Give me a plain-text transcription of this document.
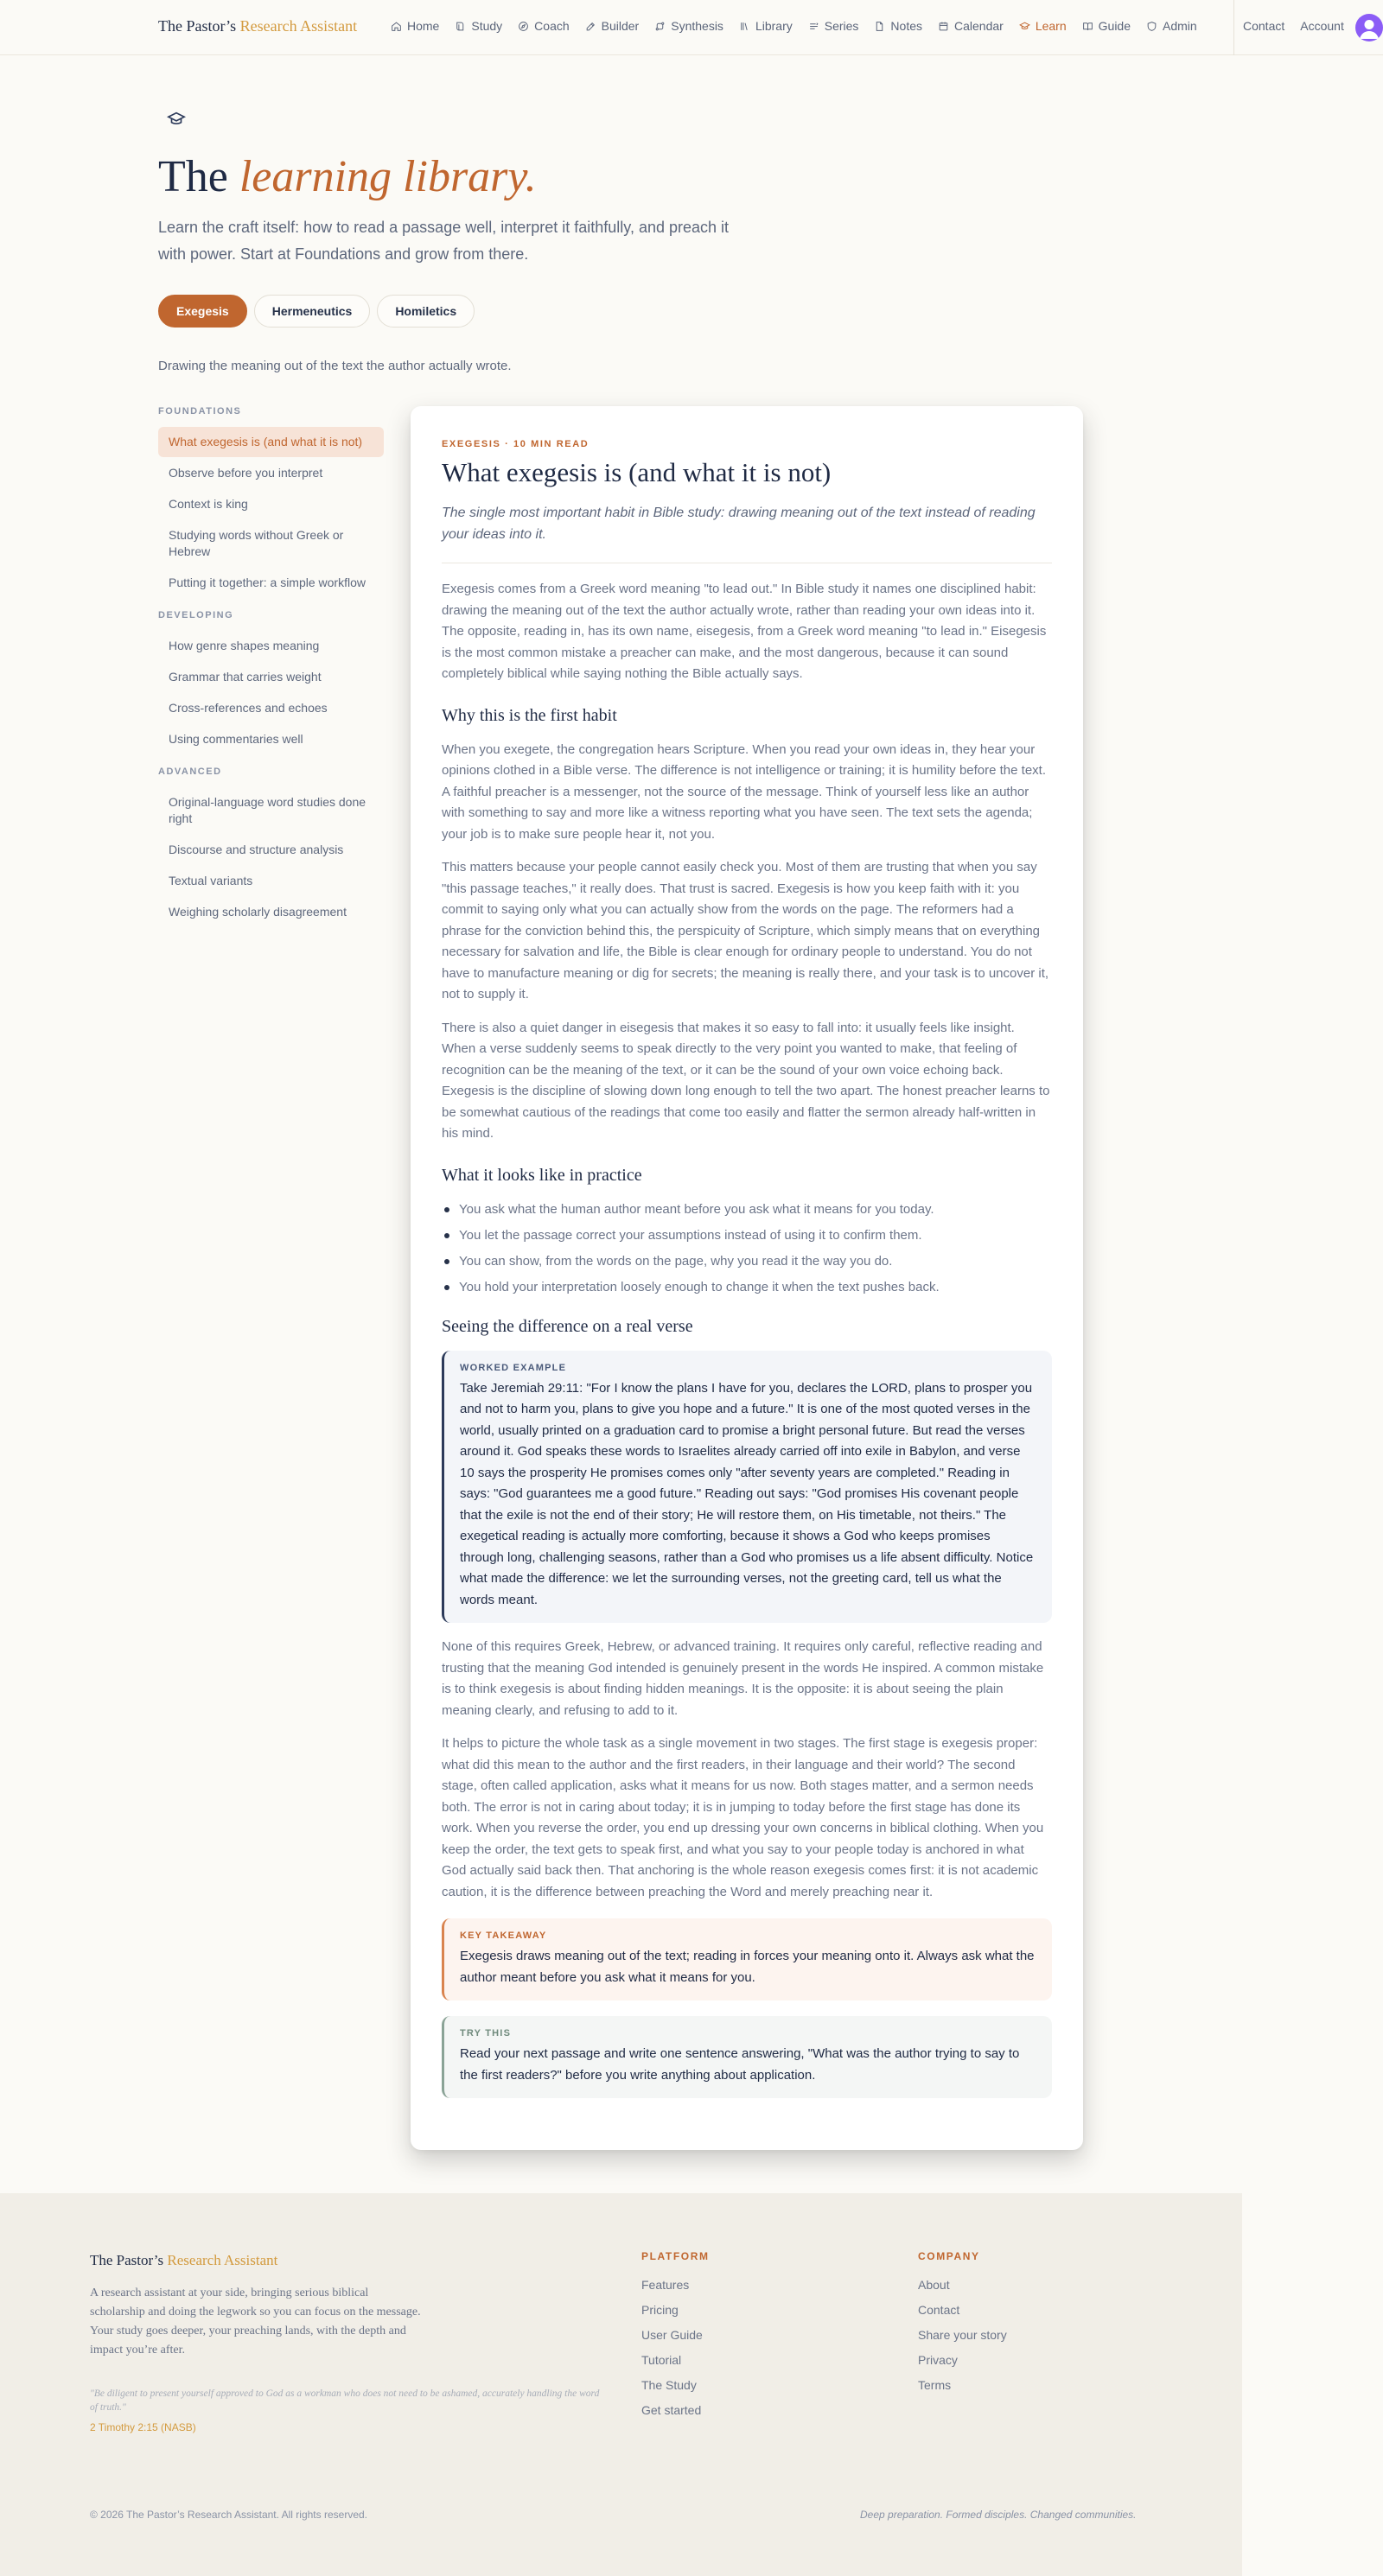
The Pastor’s Research Assistant	Home	Study	Coach	Builder	Synthesis	Library	Series	Notes	Calendar	Learn	Guide	Admin	Contact Account
The learning library.

Learn the craft itself: how to read a passage well, interpret it faithfully, and preach it with power. Start at Foundations and grow from there.

Exegesis	Hermeneutics	Homiletics

Drawing the meaning out of the text the author actually wrote.

FOUNDATIONS
What exegesis is (and what it is not)
Observe before you interpret
Context is king
Studying words without Greek or Hebrew
Putting it together: a simple workflow
DEVELOPING
How genre shapes meaning
Grammar that carries weight
Cross-references and echoes
Using commentaries well
ADVANCED
Original-language word studies done right
Discourse and structure analysis
Textual variants
Weighing scholarly disagreement
EXEGESIS · 10 MIN READ
What exegesis is (and what it is not)

The single most important habit in Bible study: drawing meaning out of the text instead of reading your ideas into it.

Exegesis comes from a Greek word meaning "to lead out." In Bible study it names one disciplined habit: drawing the meaning out of the text the author actually wrote, rather than reading your own ideas into it. The opposite, reading in, has its own name, eisegesis, from a Greek word meaning "to lead in." Eisegesis is the most common mistake a preacher can make, and the most dangerous, because it can sound completely biblical while saying nothing the Bible actually says.

Why this is the first habit

When you exegete, the congregation hears Scripture. When you read your own ideas in, they hear your opinions clothed in a Bible verse. The difference is not intelligence or training; it is humility before the text. A faithful preacher is a messenger, not the source of the message. Think of yourself less like an author with something to say and more like a witness reporting what you have seen. The text sets the agenda; your job is to make sure people hear it, not you.

This matters because your people cannot easily check you. Most of them are trusting that when you say "this passage teaches," it really does. That trust is sacred. Exegesis is how you keep faith with it: you commit to saying only what you can actually show from the words on the page. The reformers had a phrase for the conviction behind this, the perspicuity of Scripture, which simply means that on everything necessary for salvation and life, the Bible is clear enough for ordinary people to understand. You do not have to manufacture meaning or dig for secrets; the meaning is really there, and your task is to uncover it, not to supply it.

There is also a quiet danger in eisegesis that makes it so easy to fall into: it usually feels like insight. When a verse suddenly seems to speak directly to the very point you wanted to make, that feeling of recognition can be the meaning of the text, or it can be the sound of your own voice echoing back. Exegesis is the discipline of slowing down long enough to tell the two apart. The honest preacher learns to be somewhat cautious of the readings that come too easily and flatter the sermon already half-written in his mind.

What it looks like in practice
You ask what the human author meant before you ask what it means for you today.
You let the passage correct your assumptions instead of using it to confirm them.
You can show, from the words on the page, why you read it the way you do.
You hold your interpretation loosely enough to change it when the text pushes back.
Seeing the difference on a real verse
WORKED EXAMPLE
Take Jeremiah 29:11: "For I know the plans I have for you, declares the LORD, plans to prosper you and not to harm you, plans to give you hope and a future." It is one of the most quoted verses in the world, usually printed on a graduation card to promise a bright personal future. But read the verses around it. God speaks these words to Israelites already carried off into exile in Babylon, and verse 10 says the prosperity He promises comes only "after seventy years are completed." Reading in says: "God guarantees me a good future." Reading out says: "God promises His covenant people that the exile is not the end of their story; He will restore them, on His timetable, not theirs." The exegetical reading is actually more comforting, because it shows a God who keeps promises through long, challenging seasons, rather than a God who promises us a life absent difficulty. Notice what made the difference: we let the surrounding verses, not the greeting card, tell us what the words meant.

None of this requires Greek, Hebrew, or advanced training. It requires only careful, reflective reading and trusting that the meaning God intended is genuinely present in the words He inspired. A common mistake is to think exegesis is about finding hidden meanings. It is the opposite: it is about seeing the plain meaning clearly, and refusing to add to it.

It helps to picture the whole task as a single movement in two stages. The first stage is exegesis proper: what did this mean to the author and the first readers, in their language and their world? The second stage, often called application, asks what it means for us now. Both stages matter, and a sermon needs both. The error is not in caring about today; it is in jumping to today before the first stage has done its work. When you reverse the order, you end up dressing your own concerns in biblical clothing. When you keep the order, the text gets to speak first, and what you say to your people today is anchored in what God actually said back then. That anchoring is the whole reason exegesis comes first: it is not academic caution, it is the difference between preaching the Word and merely preaching near it.

KEY TAKEAWAY
Exegesis draws meaning out of the text; reading in forces your meaning onto it. Always ask what the author meant before you ask what it means for you.
TRY THIS
Read your next passage and write one sentence answering, "What was the author trying to say to the first readers?" before you write anything about application.
The Pastor’s Research Assistant

A research assistant at your side, bringing serious biblical scholarship and doing the legwork so you can focus on the message. Your study goes deeper, your preaching lands, with the depth and impact you’re after.

"Be diligent to present yourself approved to God as a workman who does not need to be ashamed, accurately handling the word of truth."

2 Timothy 2:15 (NASB)

PLATFORM
Features
Pricing
User Guide
Tutorial
The Study
Get started
COMPANY
About
Contact
Share your story
Privacy
Terms
© 2026 The Pastor’s Research Assistant. All rights reserved.	Deep preparation. Formed disciples. Changed communities.
